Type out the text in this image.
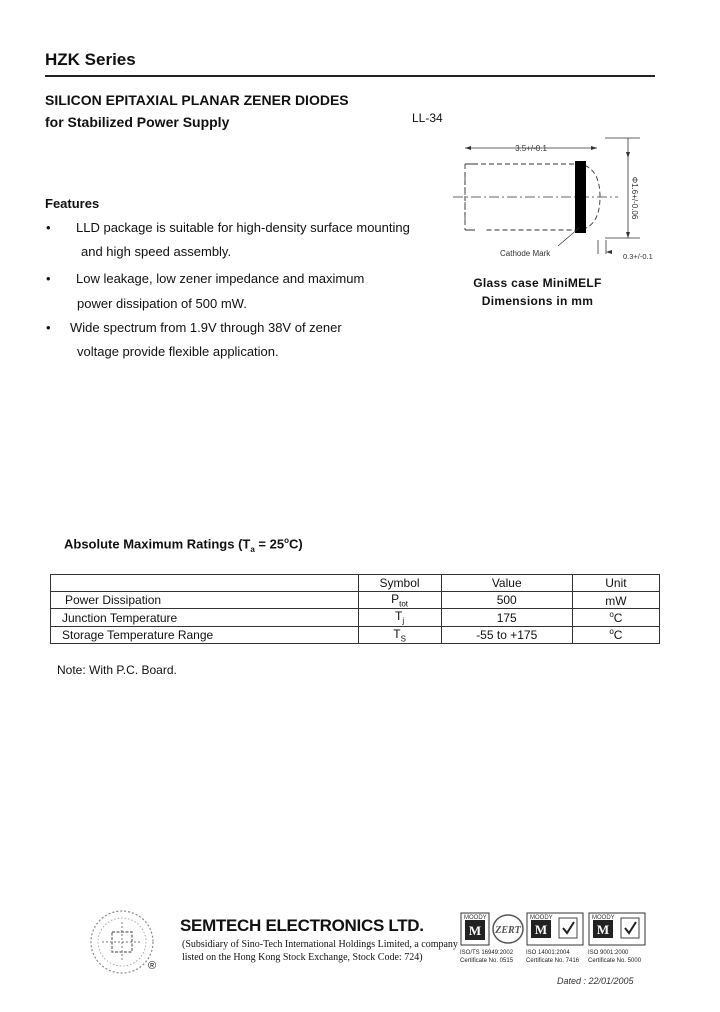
HZK Series
SILICON EPITAXIAL PLANAR ZENER DIODES
for Stabilized Power Supply	LL-34
3.5+/-0.1
Φ1.6+/-0.06
0.3+/-0.1
Cathode Mark
Glass case MiniMELF
Dimensions in mm
Features
• LLD package is suitable for high-density surface mounting
and high speed assembly.
• Low leakage, low zener impedance and maximum
power dissipation of 500 mW.
• Wide spectrum from 1.9V through 38V of zener
voltage provide flexible application.
Absolute Maximum Ratings $(T_a = 25^oC)$
	Symbol	Value	Unit
Power Dissipation	$P_{tot}$	500	mW
Junction Temperature	$T_j$	175	$^o$C
Storage Temperature Range	$T_S$	-55 to +175	$^o$C
Note: With P.C. Board.
®
SEMTECH ELECTRONICS LTD.
(Subsidiary of Sino-Tech International Holdings Limited, a company
listed on the Hong Kong Stock Exchange, Stock Code: 724)
M ZERT
MOODY
ISO/TS 16949:2002
Certificate No. 0515
M
MOODY
ISO 14001:2004
Certificate No. 7416
M
MOODY
ISO 9001:2000
Certificate No. 5000
Dated : 22/01/2005
